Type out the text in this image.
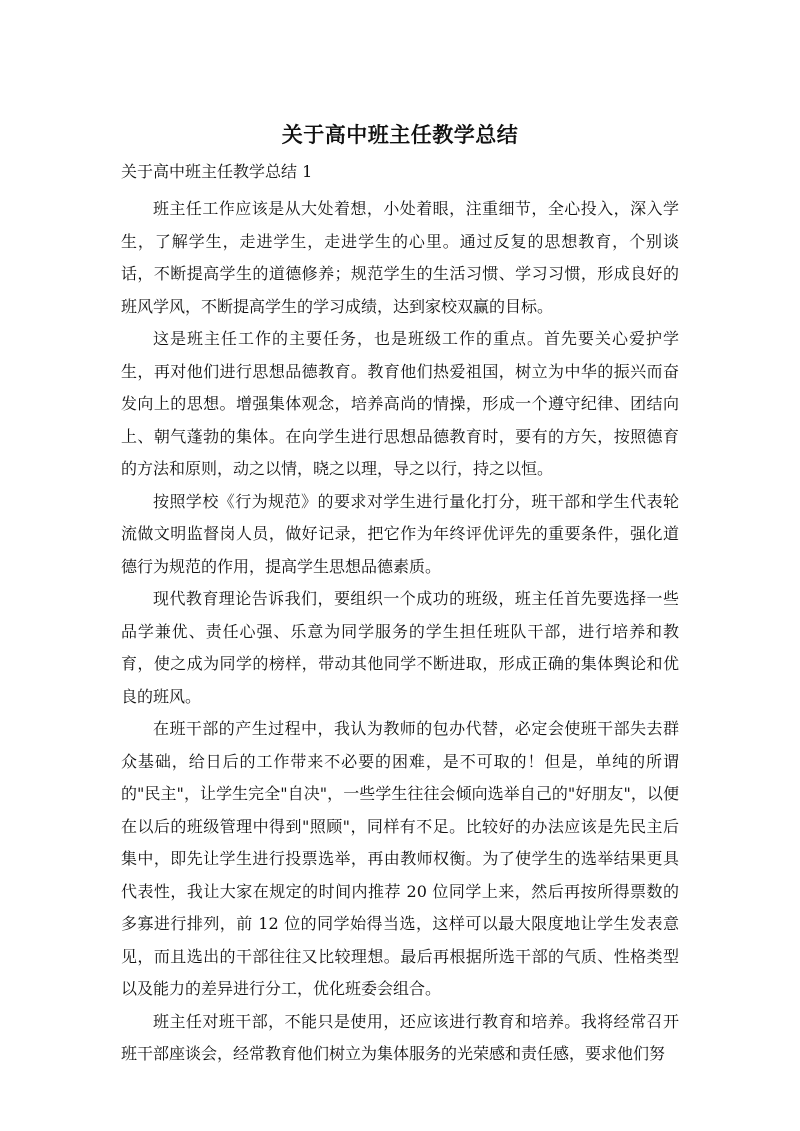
关于高中班主任教学总结
关于高中班主任教学总结 1

班主任工作应该是从大处着想，小处着眼，注重细节，全心投入，深入学生，了解学生，走进学生，走进学生的心里。通过反复的思想教育，个别谈话，不断提高学生的道德修养；规范学生的生活习惯、学习习惯，形成良好的班风学风，不断提高学生的学习成绩，达到家校双赢的目标。

这是班主任工作的主要任务，也是班级工作的重点。首先要关心爱护学生，再对他们进行思想品德教育。教育他们热爱祖国，树立为中华的振兴而奋发向上的思想。增强集体观念，培养高尚的情操，形成一个遵守纪律、团结向上、朝气蓬勃的集体。在向学生进行思想品德教育时，要有的方矢，按照德育的方法和原则，动之以情，晓之以理，导之以行，持之以恒。

按照学校《行为规范》的要求对学生进行量化打分，班干部和学生代表轮流做文明监督岗人员，做好记录，把它作为年终评优评先的重要条件，强化道德行为规范的作用，提高学生思想品德素质。

现代教育理论告诉我们，要组织一个成功的班级，班主任首先要选择一些品学兼优、责任心强、乐意为同学服务的学生担任班队干部，进行培养和教育，使之成为同学的榜样，带动其他同学不断进取，形成正确的集体舆论和优良的班风。

在班干部的产生过程中，我认为教师的包办代替，必定会使班干部失去群众基础，给日后的工作带来不必要的困难，是不可取的！但是，单纯的所谓的"民主"，让学生完全"自决"，一些学生往往会倾向选举自己的"好朋友"，以便在以后的班级管理中得到"照顾"，同样有不足。比较好的办法应该是先民主后集中，即先让学生进行投票选举，再由教师权衡。为了使学生的选举结果更具代表性，我让大家在规定的时间内推荐 20 位同学上来，然后再按所得票数的多寡进行排列，前 12 位的同学始得当选，这样可以最大限度地让学生发表意见，而且选出的干部往往又比较理想。最后再根据所选干部的气质、性格类型以及能力的差异进行分工，优化班委会组合。

班主任对班干部，不能只是使用，还应该进行教育和培养。我将经常召开班干部座谈会，经常教育他们树立为集体服务的光荣感和责任感，要求他们努
